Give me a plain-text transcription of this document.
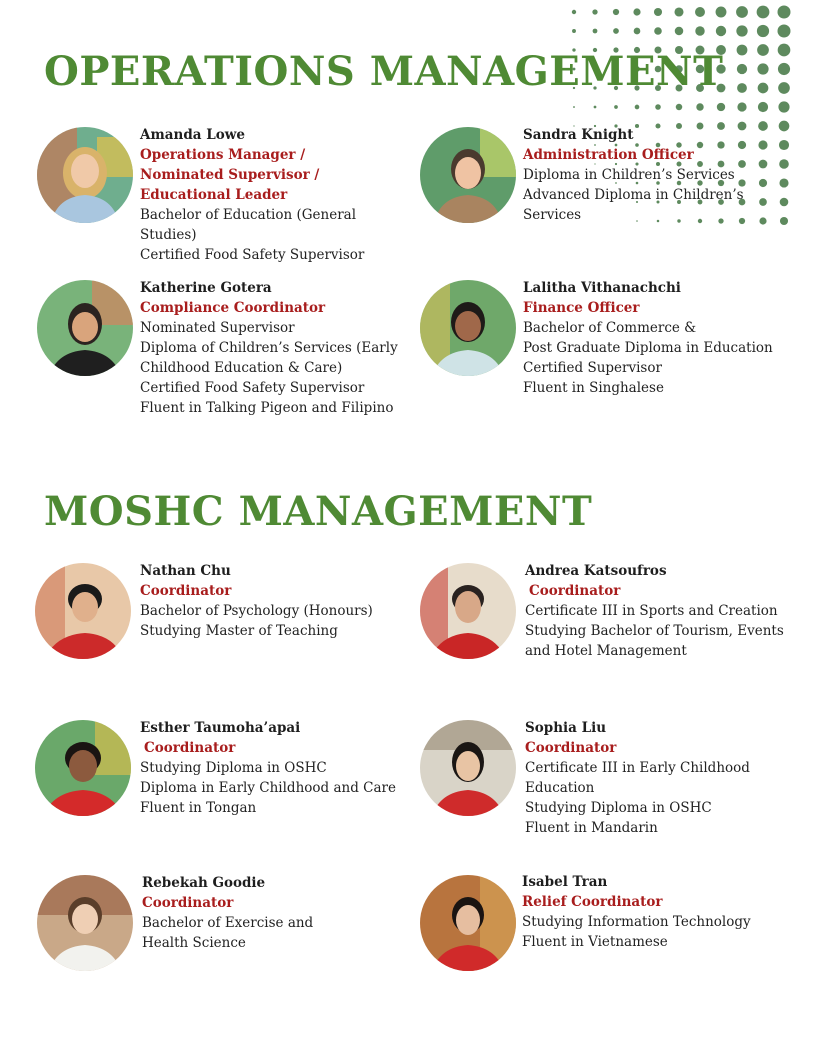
OPERATIONS MANAGEMENT
Amanda Lowe
Operations Manager / Nominated Supervisor / Educational Leader

Bachelor of Education (General Studies)

Certified Food Safety Supervisor

Sandra Knight
Administration Officer

Diploma in Children’s Services

Advanced Diploma in Children’s Services

Katherine Gotera
Compliance Coordinator

Nominated Supervisor

Diploma of Children’s Services (Early Childhood Education & Care)

Certified Food Safety Supervisor

Fluent in Talking Pigeon and Filipino

Lalitha Vithanachchi
Finance Officer

Bachelor of Commerce &

Post Graduate Diploma in Education

Certified Supervisor

Fluent in Singhalese

MOSHC MANAGEMENT
Nathan Chu
Coordinator

Bachelor of Psychology (Honours)

Studying Master of Teaching

Andrea Katsoufros
Coordinator

Certificate III in Sports and Creation

Studying Bachelor of Tourism, Events and Hotel Management

Esther Taumoha’apai
Coordinator

Studying Diploma in OSHC

Diploma in Early Childhood and Care

Fluent in Tongan

Sophia Liu
Coordinator

Certificate III in Early Childhood Education

Studying Diploma in OSHC

Fluent in Mandarin

Rebekah Goodie
Coordinator

Bachelor of Exercise and Health Science

Isabel Tran
Relief Coordinator

Studying Information Technology

Fluent in Vietnamese
